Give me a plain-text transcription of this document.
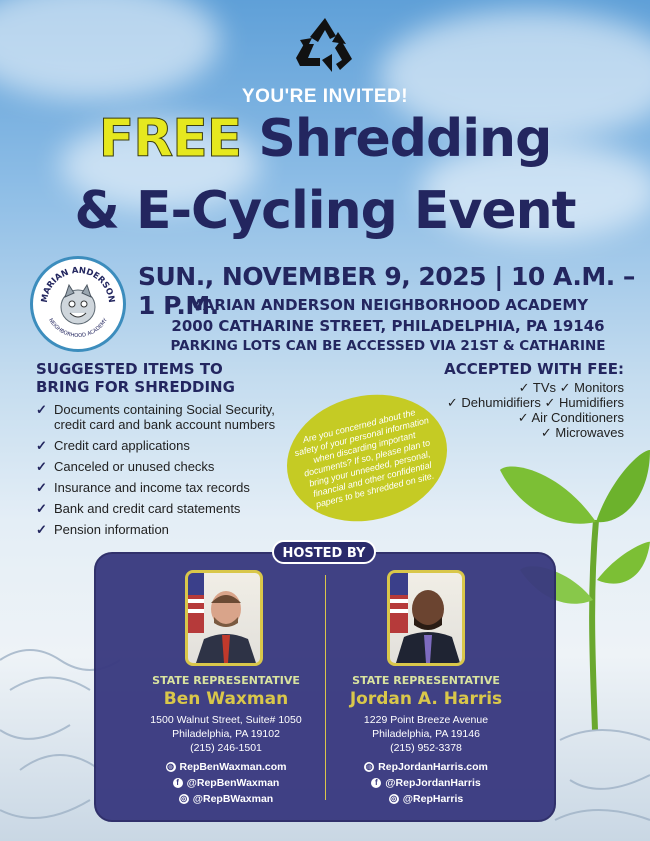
YOU'RE INVITED!
FREE Shredding
& E-Cycling Event
MARIAN ANDERSON
NEIGHBORHOOD ACADEMY
SUN., NOVEMBER 9, 2025 | 10 A.M. – 1 P.M.
MARIAN ANDERSON NEIGHBORHOOD ACADEMY
2000 CATHARINE STREET, PHILADELPHIA, PA 19146
PARKING LOTS CAN BE ACCESSED VIA 21ST & CATHARINE
SUGGESTED ITEMS TO
BRING FOR SHREDDING
✓ Documents containing Social Security, credit card and bank account numbers
✓ Credit card applications
✓ Canceled or unused checks
✓ Insurance and income tax records
✓ Bank and credit card statements
✓ Pension information
ACCEPTED WITH FEE:
✓ TVs ✓ Monitors
✓ Dehumidifiers ✓ Humidifiers
✓ Air Conditioners
✓ Microwaves
Are you concerned about the safety of your personal information when discarding important documents? If so, please plan to bring your unneeded, personal, financial and other confidential papers to be shredded on site.
HOSTED BY
STATE REPRESENTATIVE
Ben Waxman
1500 Walnut Street, Suite# 1050
Philadelphia, PA 19102
(215) 246-1501
◍ RepBenWaxman.com
f @RepBenWaxman
◎ @RepBWaxman
STATE REPRESENTATIVE
Jordan A. Harris
1229 Point Breeze Avenue
Philadelphia, PA 19146
(215) 952-3378
◍ RepJordanHarris.com
f @RepJordanHarris
◎ @RepHarris
